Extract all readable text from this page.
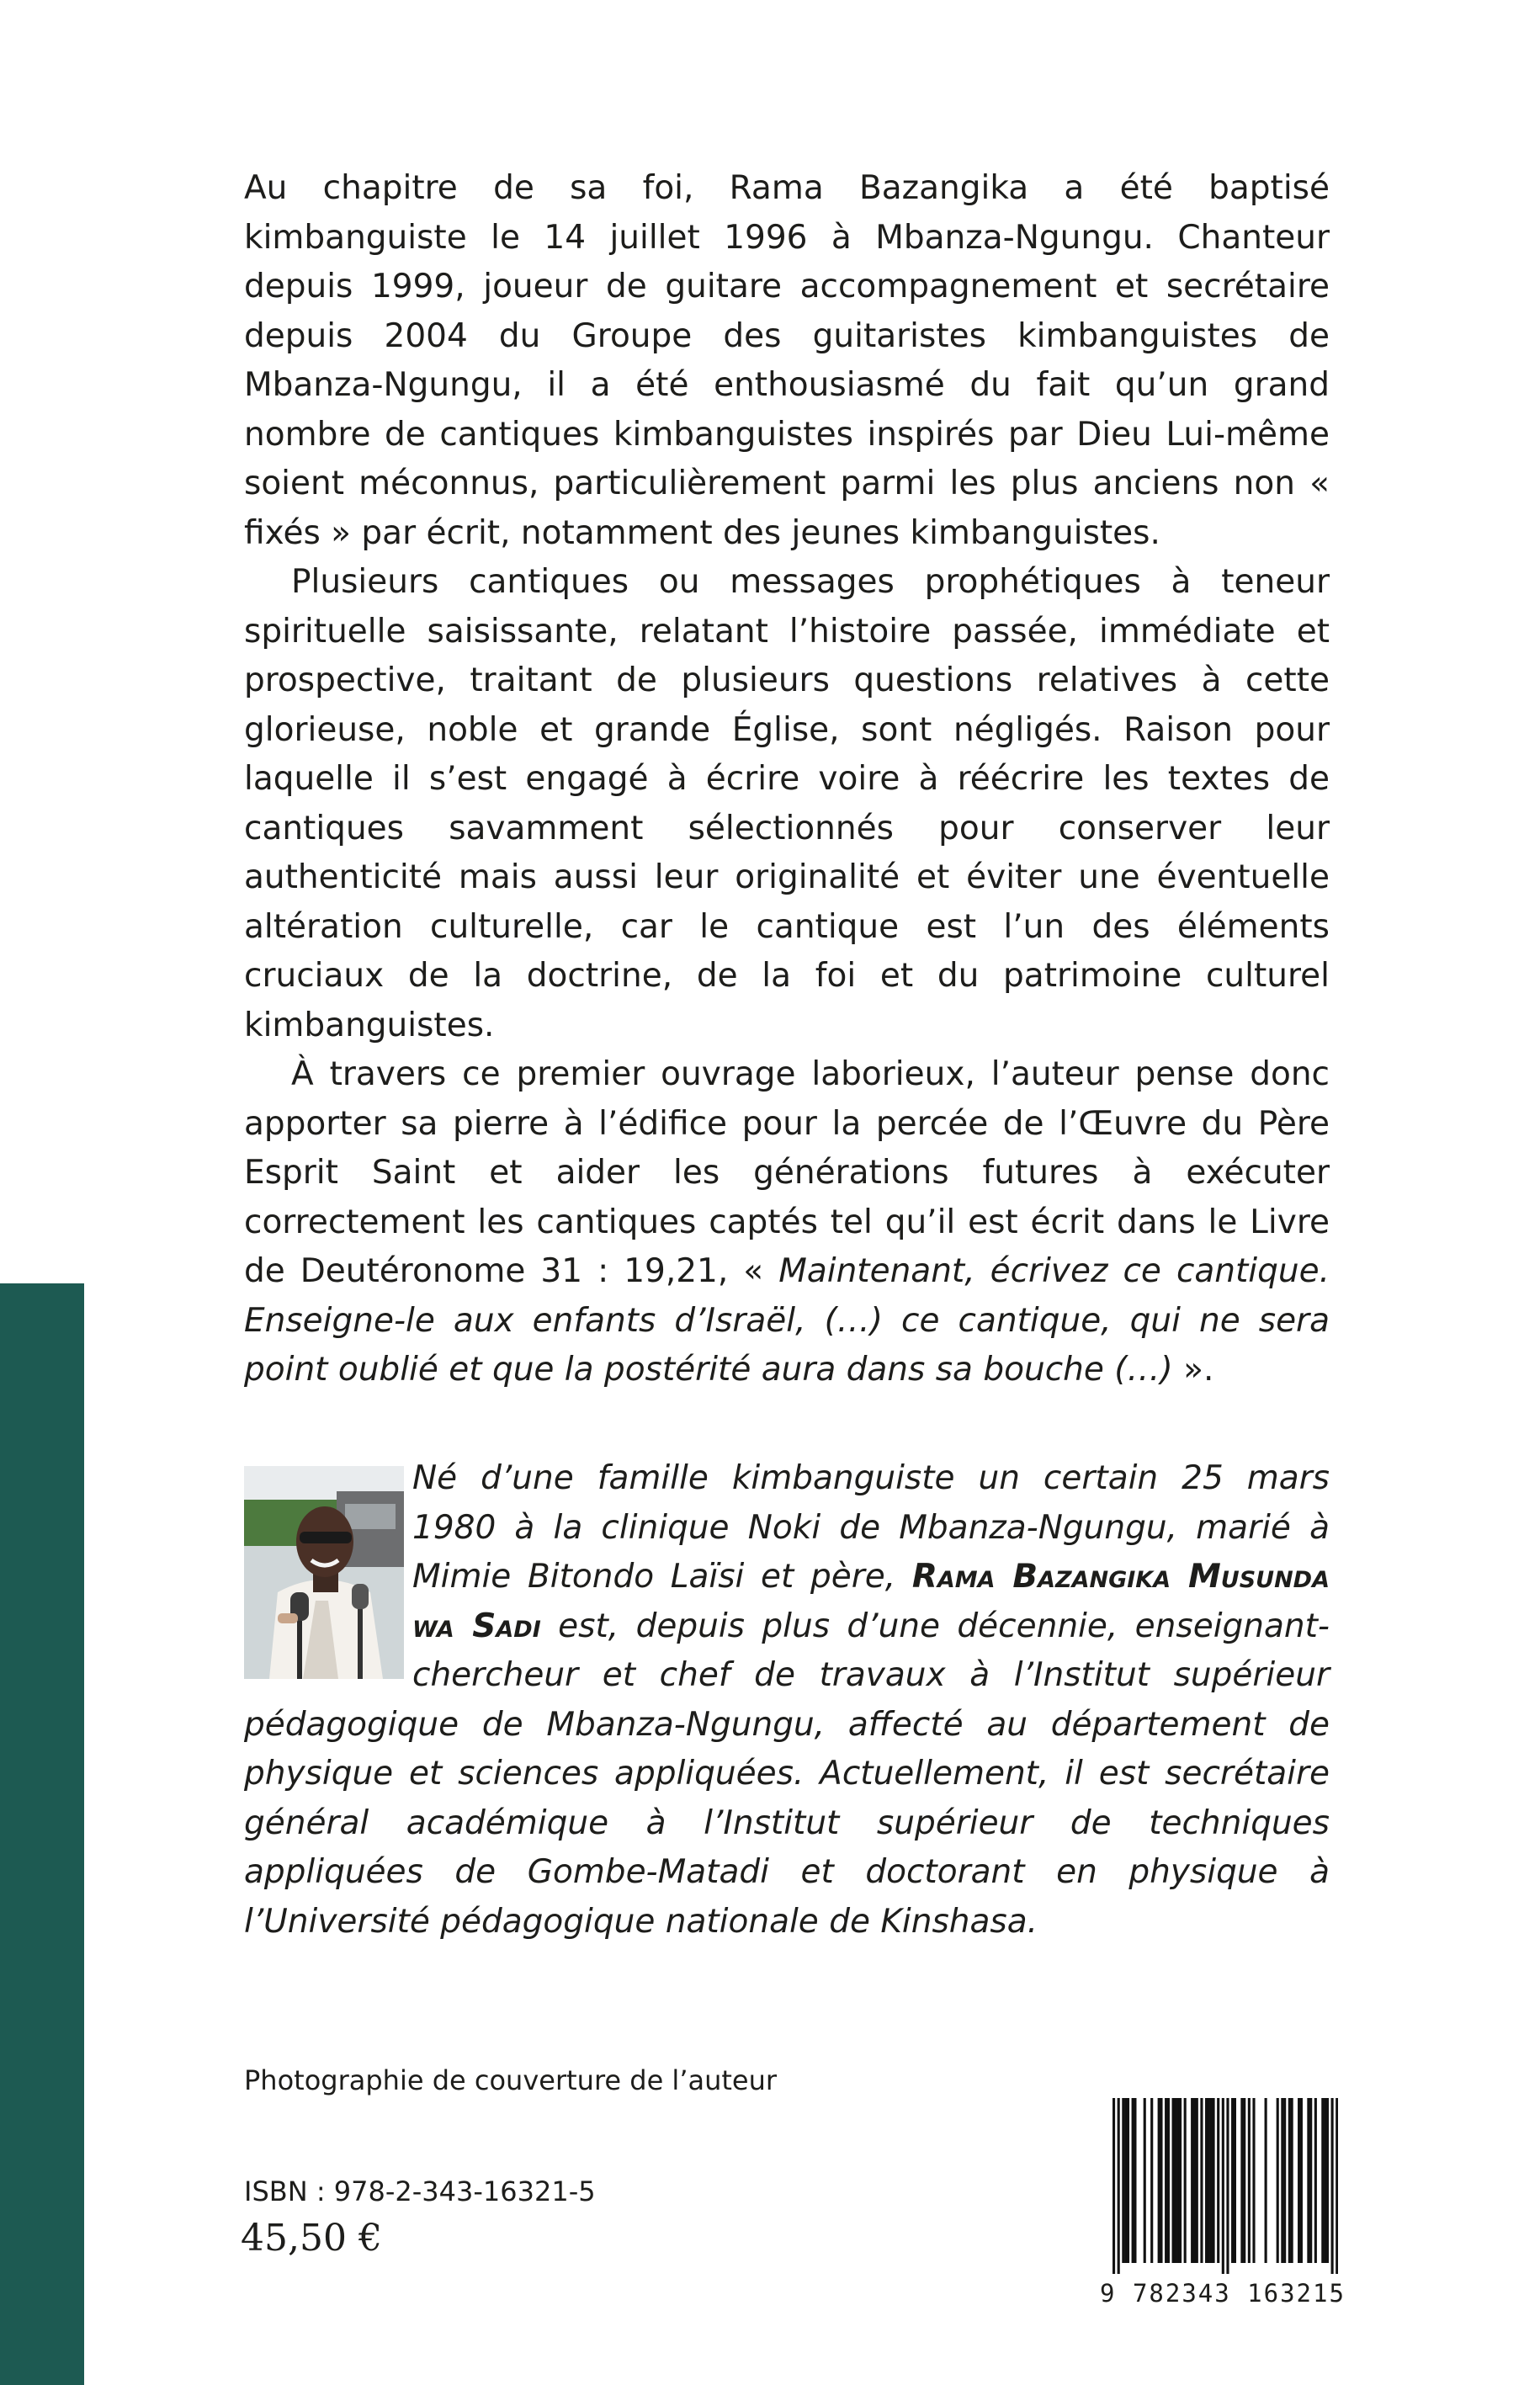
Au chapitre de sa foi, Rama Bazangika a été baptisé kimbanguiste le 14 juillet 1996 à Mbanza-Ngungu. Chanteur depuis 1999, joueur de guitare accompagnement et secrétaire depuis 2004 du Groupe des guitaristes kimbanguistes de Mbanza-Ngungu, il a été enthousiasmé du fait qu’un grand nombre de cantiques kimbanguistes inspirés par Dieu Lui-même soient méconnus, particulièrement parmi les plus anciens non « fixés » par écrit, notamment des jeunes kimbanguistes.

Plusieurs cantiques ou messages prophétiques à teneur spirituelle saisissante, relatant l’histoire passée, immédiate et prospective, traitant de plusieurs questions relatives à cette glorieuse, noble et grande Église, sont négligés. Raison pour laquelle il s’est engagé à écrire voire à réécrire les textes de cantiques savamment sélectionnés pour conserver leur authenticité mais aussi leur originalité et éviter une éventuelle altération culturelle, car le cantique est l’un des éléments cruciaux de la doctrine, de la foi et du patrimoine culturel kimbanguistes.

À travers ce premier ouvrage laborieux, l’auteur pense donc apporter sa pierre à l’édifice pour la percée de l’Œuvre du Père Esprit Saint et aider les générations futures à exécuter correctement les cantiques captés tel qu’il est écrit dans le Livre de Deutéronome 31 : 19,21, « Maintenant, écrivez ce cantique. Enseigne-le aux enfants d’Israël, (…) ce cantique, qui ne sera point oublié et que la postérité aura dans sa bouche (…) ».

Né d’une famille kimbanguiste un certain 25 mars 1980 à la clinique Noki de Mbanza-Ngungu, marié à Mimie Bitondo Laïsi et père, Rama Bazangika Musunda wa Sadi est, depuis plus d’une décennie, enseignant-chercheur et chef de travaux à l’Institut supérieur pédagogique de Mbanza-Ngungu, affecté au département de physique et sciences appliquées. Actuellement, il est secrétaire général académique à l’Institut supérieur de techniques appliquées de Gombe-Matadi et doctorant en physique à l’Université pédagogique nationale de Kinshasa.
Photographie de couverture de l’auteur
ISBN : 978-2-343-16321-5
45,50 €
9 782343 163215
